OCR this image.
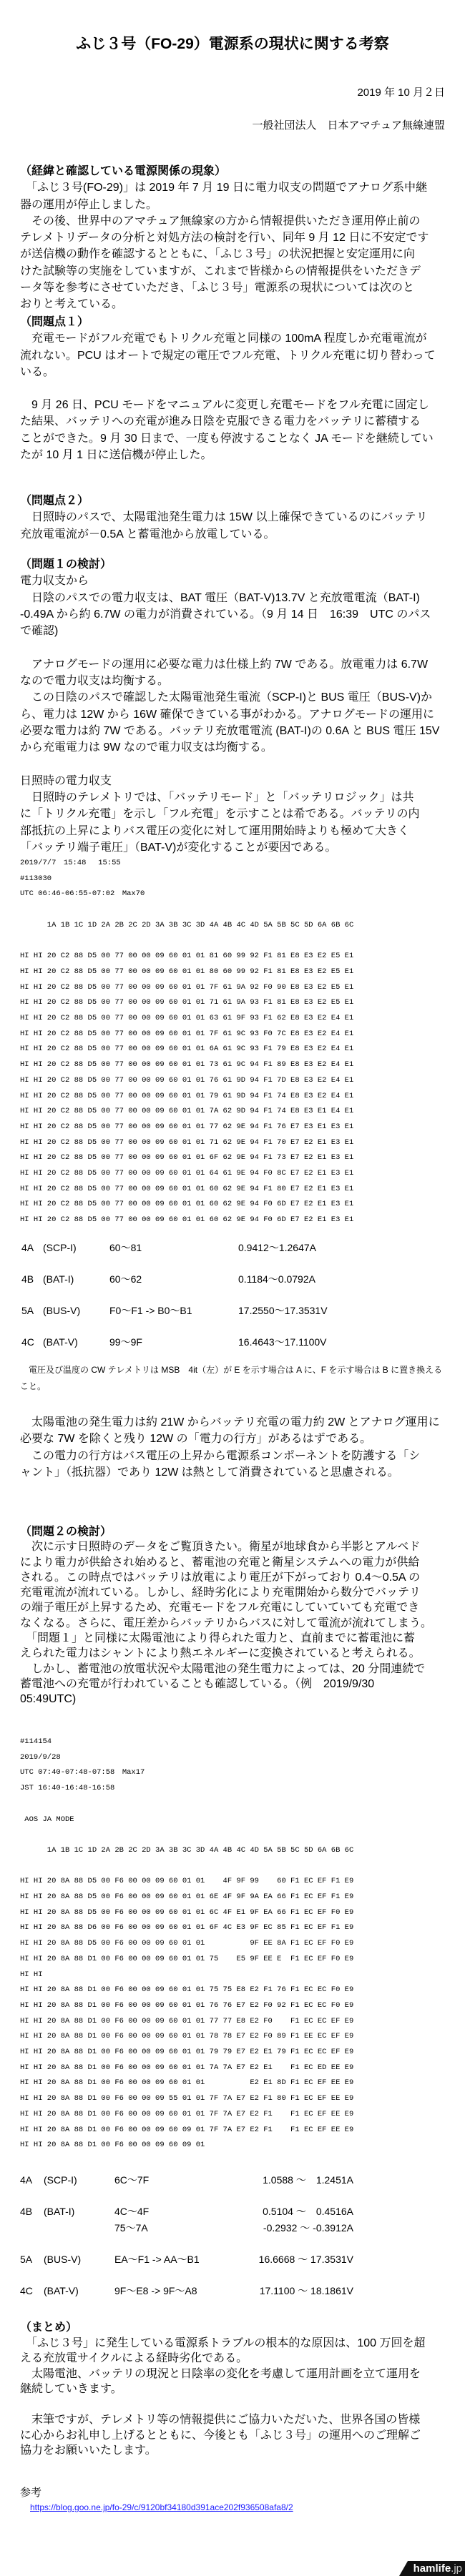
ふじ３号（FO-29）電源系の現状に関する考察
2019 年 10 月２日
一般社団法人　日本アマチュア無線連盟
（経緯と確認している電源関係の現象）
　「ふじ３号(FO-29)」は 2019 年 7 月 19 日に電力収支の問題でアナログ系中継
器の運用が停止しました。
　その後、世界中のアマチュア無線家の方から情報提供いただき運用停止前の
テレメトリデータの分析と対処方法の検討を行い、同年 9 月 12 日に不安定です
が送信機の動作を確認するとともに、「ふじ３号」の状況把握と安定運用に向
けた試験等の実施をしていますが、これまで皆様からの情報提供をいただきデ
ータ等を参考にさせていただき、「ふじ３号」電源系の現状については次のと
おりと考えている。
（問題点１）
　充電モードがフル充電でもトリクル充電と同様の 100mA 程度しか充電電流が
流れない。PCU はオートで規定の電圧でフル充電、トリクル充電に切り替わって
いる。
　9 月 26 日、PCU モードをマニュアルに変更し充電モードをフル充電に固定し
た結果、バッテリへの充電が進み日陰を克服できる電力をバッテリに蓄積する
ことができた。9 月 30 日まで、一度も停波することなく JA モードを継続してい
たが 10 月 1 日に送信機が停止した。
（問題点２）
　日照時のパスで、太陽電池発生電力は 15W 以上確保できているのにバッテリ
充放電電流が－0.5A と蓄電池から放電している。
（問題１の検討）
電力収支から
　日陰のパスでの電力収支は、BAT 電圧（BAT-V)13.7V と充放電電流（BAT-I)
-0.49A から約 6.7W の電力が消費されている。（9 月 14 日　16:39　UTC のパス
で確認)
　アナログモードの運用に必要な電力は仕様上約 7W である。放電電力は 6.7W
なので電力収支は均衡する。
　この日陰のパスで確認した太陽電池発生電流（SCP-I)と BUS 電圧（BUS-V)か
ら、電力は 12W から 16W 確保できている事がわかる。アナログモードの運用に
必要な電力は約 7W である。バッテリ充放電電流 (BAT-I)の 0.6A と BUS 電圧 15V
から充電電力は 9W なので電力収支は均衡する。
日照時の電力収支
　日照時のテレメトリでは、「バッテリモード」と「バッテリロジック」は共
に「トリクル充電」を示し「フル充電」を示すことは希である。バッテリの内
部抵抗の上昇によりバス電圧の変化に対して運用開始時よりも極めて大きく
「バッテリ端子電圧」（BAT-V)が変化することが要因である。
2019/7/7　15:48　 15:55
#113030
UTC 06:46-06:55-07:02　Max70
1A 1B 1C 1D 2A 2B 2C 2D 3A 3B 3C 3D 4A 4B 4C 4D 5A 5B 5C 5D 6A 6B 6C
HI HI 20 C2 88 D5 00 77 00 00 09 60 01 01 81 60 99 92 F1 81 E8 E3 E2 E5 E1
HI HI 20 C2 88 D5 00 77 00 00 09 60 01 01 80 60 99 92 F1 81 E8 E3 E2 E5 E1
HI HI 20 C2 88 D5 00 77 00 00 09 60 01 01 7F 61 9A 92 F0 90 E8 E3 E2 E5 E1
HI HI 20 C2 88 D5 00 77 00 00 09 60 01 01 71 61 9A 93 F1 81 E8 E3 E2 E5 E1
HI HI 20 C2 88 D5 00 77 00 00 09 60 01 01 63 61 9F 93 F1 62 E8 E3 E2 E4 E1
HI HI 20 C2 88 D5 00 77 00 00 09 60 01 01 7F 61 9C 93 F0 7C E8 E3 E2 E4 E1
HI HI 20 C2 88 D5 00 77 00 00 09 60 01 01 6A 61 9C 93 F1 79 E8 E3 E2 E4 E1
HI HI 20 C2 88 D5 00 77 00 00 09 60 01 01 73 61 9C 94 F1 89 E8 E3 E2 E4 E1
HI HI 20 C2 88 D5 00 77 00 00 09 60 01 01 76 61 9D 94 F1 7D E8 E3 E2 E4 E1
HI HI 20 C2 88 D5 00 77 00 00 09 60 01 01 79 61 9D 94 F1 74 E8 E3 E2 E4 E1
HI HI 20 C2 88 D5 00 77 00 00 09 60 01 01 7A 62 9D 94 F1 74 E8 E3 E1 E4 E1
HI HI 20 C2 88 D5 00 77 00 00 09 60 01 01 77 62 9E 94 F1 76 E7 E3 E1 E3 E1
HI HI 20 C2 88 D5 00 77 00 00 09 60 01 01 71 62 9E 94 F1 70 E7 E2 E1 E3 E1
HI HI 20 C2 88 D5 00 77 00 00 09 60 01 01 6F 62 9E 94 F1 73 E7 E2 E1 E3 E1
HI HI 20 C2 88 D5 00 77 00 00 09 60 01 01 64 61 9E 94 F0 8C E7 E2 E1 E3 E1
HI HI 20 C2 88 D5 00 77 00 00 09 60 01 01 60 62 9E 94 F1 80 E7 E2 E1 E3 E1
HI HI 20 C2 88 D5 00 77 00 00 09 60 01 01 60 62 9E 94 F0 6D E7 E2 E1 E3 E1
HI HI 20 C2 88 D5 00 77 00 00 09 60 01 01 60 62 9E 94 F0 6D E7 E2 E1 E3 E1
4A (SCP-I)	60～81	0.9412～1.2647A
4B (BAT-I)	60～62	0.1184～0.0792A
5A (BUS-V)	F0～F1 -> B0～B1	17.2550～17.3531V
4C (BAT-V)	99～9F	16.4643～17.1100V
　電圧及び温度の CW テレメトリは MSB　4it（左）が E を示す場合は A に、F を示す場合は B に置き換える
こと。
　太陽電池の発生電力は約 21W からバッテリ充電の電力約 2W とアナログ運用に
必要な 7W を除くと残り 12W の「電力の行方」があるはずである。
　この電力の行方はバス電圧の上昇から電源系コンポーネントを防護する「シ
ャント」（抵抗器）であり 12W は熱として消費されていると思慮される。
（問題２の検討）
　次に示す日照時のデータをご覧頂きたい。衛星が地球食から半影とアルベド
により電力が供給され始めると、蓄電池の充電と衛星システムへの電力が供給
される。この時点ではバッテリは放電により電圧が下がっており 0.4～0.5A の
充電電流が流れている。しかし、経時劣化により充電開始から数分でバッテリ
の端子電圧が上昇するため、充電モードをフル充電にしていていても充電でき
なくなる。さらに、電圧差からバッテリからバスに対して電流が流れてしまう。
　「問題１」と同様に太陽電池により得られた電力と、直前までに蓄電池に蓄
えられた電力はシャントにより熱エネルギーに変換されていると考えられる。
　しかし、蓄電池の放電状況や太陽電池の発生電力によっては、20 分間連続で
蓄電池への充電が行われていることも確認している。（例　2019/9/30
05:49UTC)
#114154
2019/9/28
UTC 07:40-07:48-07:58　Max17
JST 16:40-16:48-16:58
AOS JA MODE
1A 1B 1C 1D 2A 2B 2C 2D 3A 3B 3C 3D 4A 4B 4C 4D 5A 5B 5C 5D 6A 6B 6C
HI HI 20 8A 88 D5 00 F6 00 00 09 60 01 01    4F 9F 99    60 F1 EC EF F1 E9
HI HI 20 8A 88 D5 00 F6 00 00 09 60 01 01 6E 4F 9F 9A EA 66 F1 EC EF F1 E9
HI HI 20 8A 88 D5 00 F6 00 00 09 60 01 01 6C 4F E1 9F EA 66 F1 EC EF F0 E9
HI HI 20 8A 88 D6 00 F6 00 00 09 60 01 01 6F 4C E3 9F EC 85 F1 EC EF F1 E9
HI HI 20 8A 88 D5 00 F6 00 00 09 60 01 01          9F EE 8A F1 EC EF F0 E9
HI HI 20 8A 88 D1 00 F6 00 00 09 60 01 01 75    E5 9F EE E  F1 EC EF F0 E9
HI HI
HI HI 20 8A 88 D1 00 F6 00 00 09 60 01 01 75 75 E8 E2 F1 76 F1 EC EC F0 E9
HI HI 20 8A 88 D1 00 F6 00 00 09 60 01 01 76 76 E7 E2 F0 92 F1 EC EC F0 E9
HI HI 20 8A 88 D1 00 F6 00 00 09 60 01 01 77 77 E8 E2 F0    F1 EC EC EF E9
HI HI 20 8A 88 D1 00 F6 00 00 09 60 01 01 78 78 E7 E2 F0 89 F1 EE EC EF E9
HI HI 20 8A 88 D1 00 F6 00 00 09 60 01 01 79 79 E7 E2 E1 79 F1 EC EC EF E9
HI HI 20 8A 88 D1 00 F6 00 00 09 60 01 01 7A 7A E7 E2 E1    F1 EC ED EE E9
HI HI 20 8A 88 D1 00 F6 00 00 09 60 01 01          E2 E1 8D F1 EC EF EE E9
HI HI 20 8A 88 D1 00 F6 00 00 09 55 01 01 7F 7A E7 E2 F1 80 F1 EC EF EE E9
HI HI 20 8A 88 D1 00 F6 00 00 09 60 01 01 7F 7A E7 E2 F1    F1 EC EF EE E9
HI HI 20 8A 88 D1 00 F6 00 00 09 60 09 01 7F 7A E7 E2 F1    F1 EC EF EE E9
HI HI 20 8A 88 D1 00 F6 00 00 09 60 09 01
4A (SCP-I)	6C～7F	1.0588 ～　1.2451A
4B (BAT-I)	4C～4F	0.5104 ～　0.4516A
75～7A	-0.2932 ～ -0.3912A
5A (BUS-V)	EA～F1 -> AA～B1	16.6668 ～ 17.3531V
4C (BAT-V)	9F～E8 -> 9F～A8	17.1100 ～ 18.1861V
（まとめ）
　「ふじ３号」に発生している電源系トラブルの根本的な原因は、100 万回を超
える充放電サイクルによる経時劣化である。
　太陽電池、バッテリの現況と日陰率の変化を考慮して運用計画を立て運用を
継続していきます。
　末筆ですが、テレメトリ等の情報提供にご協力いただいた、世界各国の皆様
に心からお礼申し上げるとともに、今後とも「ふじ３号」の運用へのご理解ご
協力をお願いいたします。
参考
https://blog.goo.ne.jp/fo-29/c/9120bf34180d391ace202f936508afa8/2
hamlife.jp
